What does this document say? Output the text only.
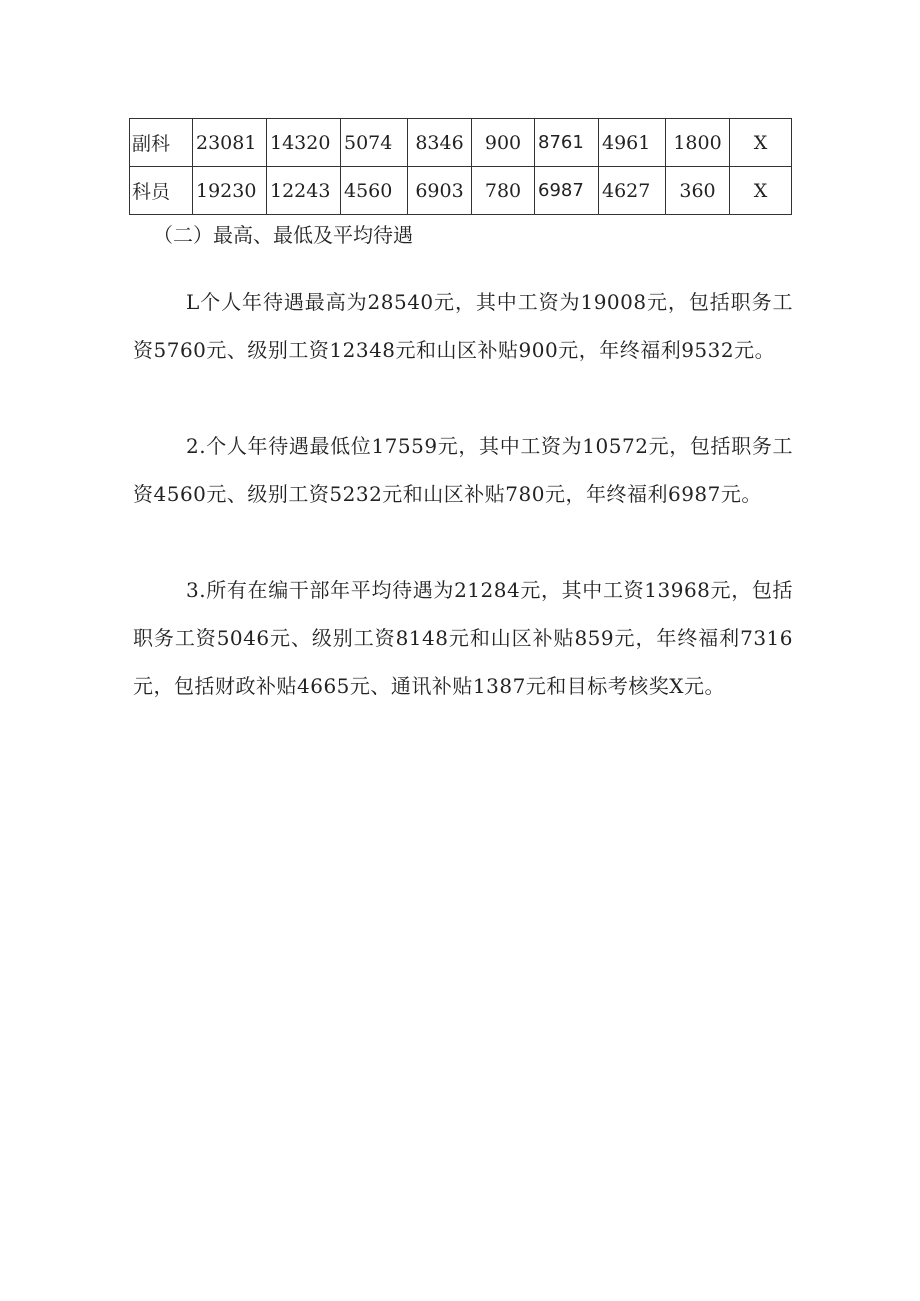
副科	23081	14320	5074	8346	900	8761	4961	1800	X
科员	19230	12243	4560	6903	780	6987	4627	360	X
（二）最高、最低及平均待遇

L个人年待遇最高为28540元，其中工资为19008元，包括职务工资5760元、级别工资12348元和山区补贴900元，年终福利9532元。

2.个人年待遇最低位17559元，其中工资为10572元，包括职务工资4560元、级别工资5232元和山区补贴780元，年终福利6987元。

3.所有在编干部年平均待遇为21284元，其中工资13968元，包括职务工资5046元、级别工资8148元和山区补贴859元，年终福利7316元，包括财政补贴4665元、通讯补贴1387元和目标考核奖X元。
